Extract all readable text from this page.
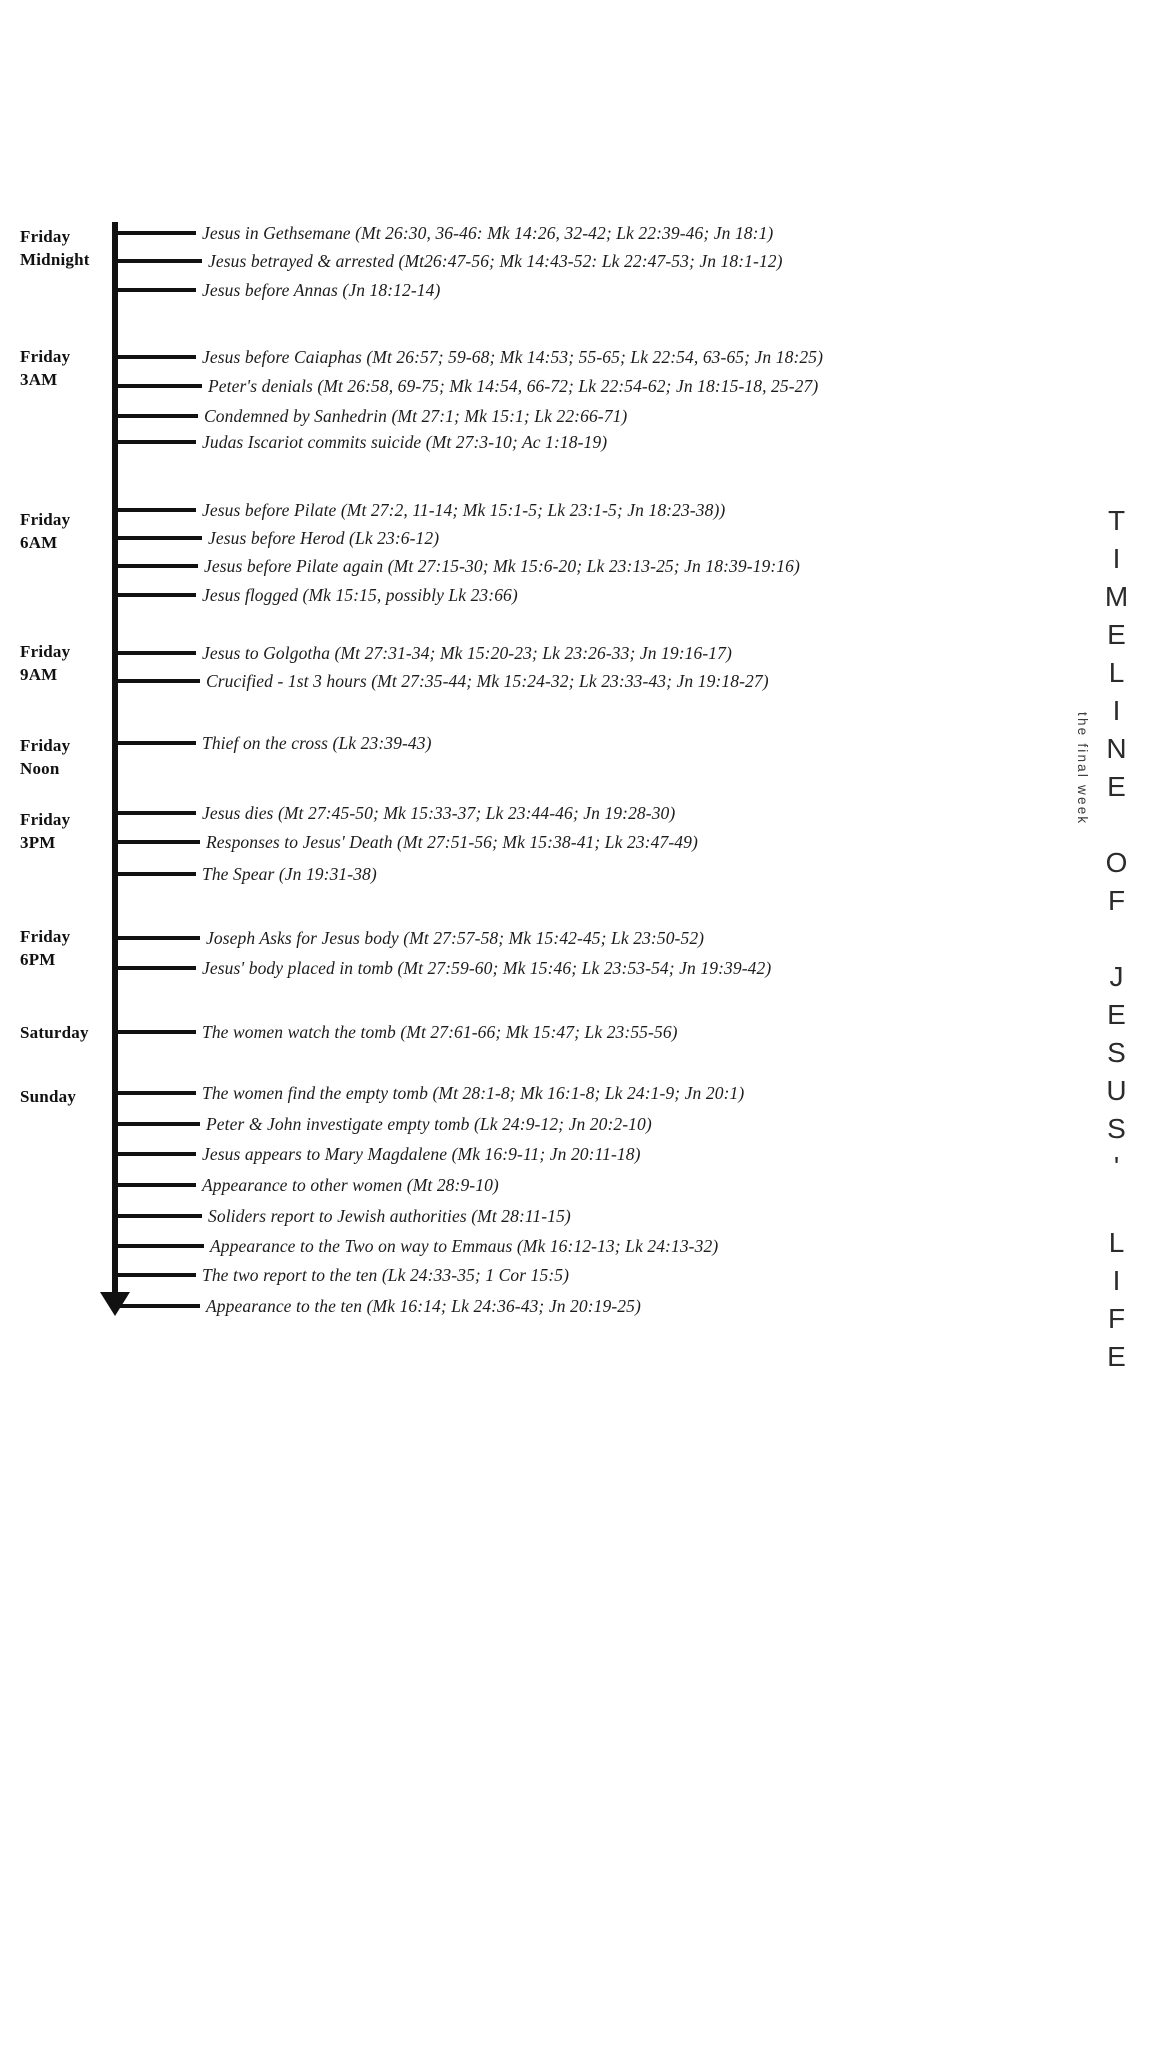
Friday
Midnight
Friday
3AM
Friday
6AM
Friday
9AM
Friday
Noon
Friday
3PM
Friday
6PM
Saturday
Sunday
Jesus in Gethsemane (Mt 26:30, 36-46: Mk 14:26, 32-42; Lk 22:39-46; Jn 18:1)
Jesus betrayed & arrested (Mt26:47-56; Mk 14:43-52: Lk 22:47-53; Jn 18:1-12)
Jesus before Annas (Jn 18:12-14)
Jesus before Caiaphas (Mt 26:57; 59-68; Mk 14:53; 55-65; Lk 22:54, 63-65; Jn 18:25)
Peter's denials (Mt 26:58, 69-75; Mk 14:54, 66-72; Lk 22:54-62; Jn 18:15-18, 25-27)
Condemned by Sanhedrin (Mt 27:1; Mk 15:1; Lk 22:66-71)
Judas Iscariot commits suicide (Mt 27:3-10; Ac 1:18-19)
Jesus before Pilate (Mt 27:2, 11-14; Mk 15:1-5; Lk 23:1-5; Jn 18:23-38))
Jesus before Herod (Lk 23:6-12)
Jesus before Pilate again (Mt 27:15-30; Mk 15:6-20; Lk 23:13-25; Jn 18:39-19:16)
Jesus flogged (Mk 15:15, possibly Lk 23:66)
Jesus to Golgotha (Mt 27:31-34; Mk 15:20-23; Lk 23:26-33; Jn 19:16-17)
Crucified - 1st 3 hours (Mt 27:35-44; Mk 15:24-32; Lk 23:33-43; Jn 19:18-27)
Thief on the cross (Lk 23:39-43)
Jesus dies (Mt 27:45-50; Mk 15:33-37; Lk 23:44-46; Jn 19:28-30)
Responses to Jesus' Death (Mt 27:51-56; Mk 15:38-41; Lk 23:47-49)
The Spear (Jn 19:31-38)
Joseph Asks for Jesus body (Mt 27:57-58; Mk 15:42-45; Lk 23:50-52)
Jesus' body placed in tomb (Mt 27:59-60; Mk 15:46; Lk 23:53-54; Jn 19:39-42)
The women watch the tomb (Mt 27:61-66; Mk 15:47; Lk 23:55-56)
The women find the empty tomb (Mt 28:1-8; Mk 16:1-8; Lk 24:1-9; Jn 20:1)
Peter & John investigate empty tomb (Lk 24:9-12; Jn 20:2-10)
Jesus appears to Mary Magdalene (Mk 16:9-11; Jn 20:11-18)
Appearance to other women (Mt 28:9-10)
Soliders report to Jewish authorities (Mt 28:11-15)
Appearance to the Two on way to Emmaus (Mk 16:12-13; Lk 24:13-32)
The two report to the ten (Lk 24:33-35; 1 Cor 15:5)
Appearance to the ten (Mk 16:14; Lk 24:36-43; Jn 20:19-25)	TIMELINE OF JESUS' LIFE
the final week
